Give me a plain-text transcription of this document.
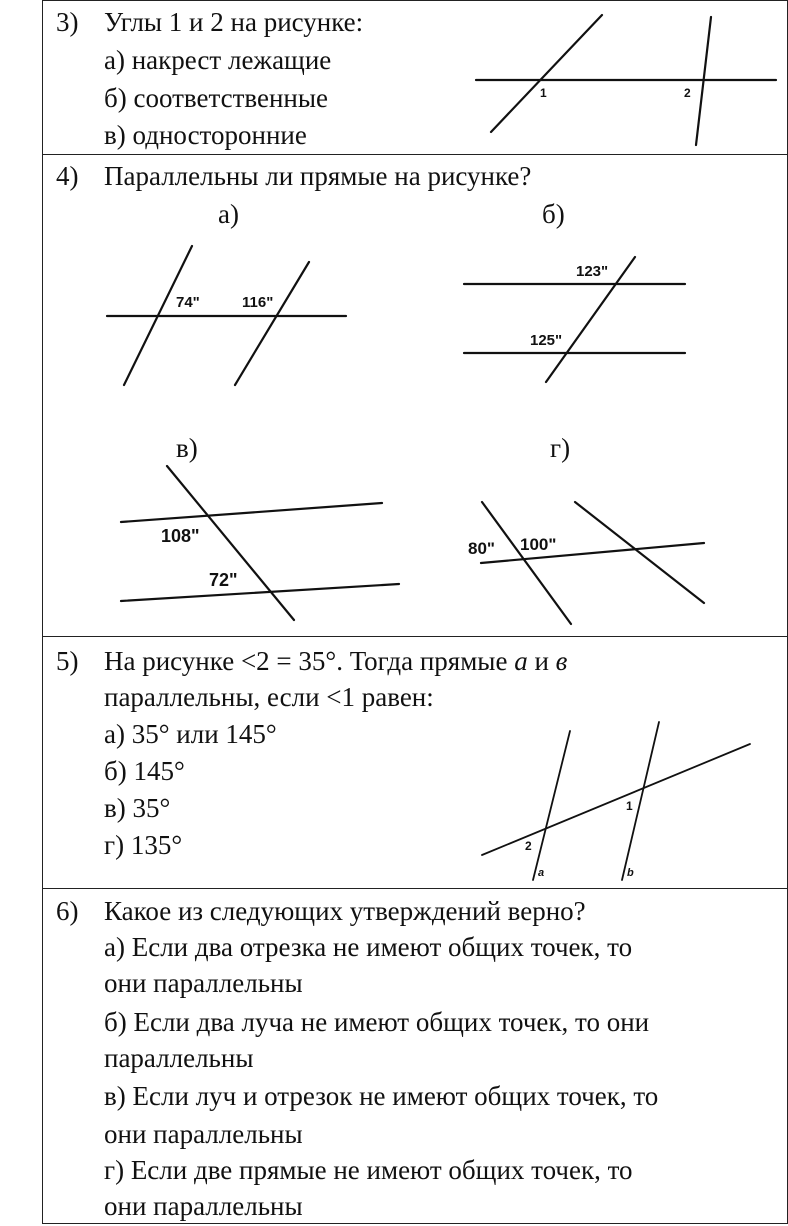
3) Углы 1 и 2 на рисунке:
а) накрест лежащие
б) соответственные
в) односторонние
1	2
4) Параллельны ли прямые на рисунке?
а)	б)
в)	г)
74"	116"
123"
125"
108"
72"
80" 100"
5) На рисунке <2 = 35°. Тогда прямые а и в
параллельны, если <1 равен:
а) 35° или 145°
б) 145°
в) 35°
г) 135°
1
2
a	b
6) Какое из следующих утверждений верно?
а) Если два отрезка не имеют общих точек, то
они параллельны
б) Если два луча не имеют общих точек, то они
параллельны
в) Если луч и отрезок не имеют общих точек, то
они параллельны
г) Если две прямые не имеют общих точек, то
они параллельны
